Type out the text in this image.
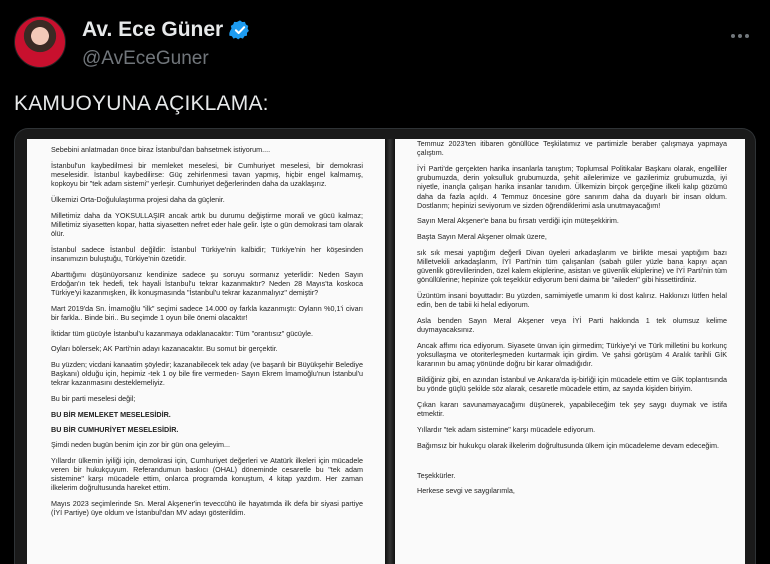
Av. Ece Güner
@AvEceGuner
KAMUOYUNA AÇIKLAMA:
Sebebini anlatmadan önce biraz İstanbul'dan bahsetmek istiyorum....
İstanbul'un kaybedilmesi bir memleket meselesi, bir Cumhuriyet meselesi, bir demokrasi meselesidir. İstanbul kaybedilirse: Güç zehirlenmesi tavan yapmış, hiçbir engel kalmamış, kopkoyu bir "tek adam sistemi" yerleşir. Cumhuriyet değerlerinden daha da uzaklaşırız.
Ülkemizi Orta-Doğululaştırma projesi daha da güçlenir.
Milletimiz daha da YOKSULLAŞIR ancak artık bu durumu değiştirme morali ve gücü kalmaz; Milletimiz siyasetten kopar, hatta siyasetten nefret eder hale gelir. İşte o gün demokrasi tam olarak ölür.
İstanbul sadece İstanbul değildir: İstanbul Türkiye'nin kalbidir; Türkiye'nin her köşesinden insanımızın buluştuğu, Türkiye'nin özetidir.
Abarttığımı düşünüyorsanız kendinize sadece şu soruyu sormanız yeterlidir: Neden Sayın Erdoğan'ın tek hedefi, tek hayali İstanbul'u tekrar kazanmaktır? Neden 28 Mayıs'ta koskoca Türkiye'yi kazanmışken, ilk konuşmasında "İstanbul'u tekrar kazanmalıyız" demiştir?
Mart 2019'da Sn. İmamoğlu "ilk" seçimi sadece 14.000 oy farkla kazanmıştı: Oyların %0,1'i civarı bir farkla.. Binde biri.. Bu seçimde 1 oyun bile önemi olacaktır!
İktidar tüm gücüyle İstanbul'u kazanmaya odaklanacaktır: Tüm "orantısız" gücüyle.
Oyları bölersek; AK Parti'nin adayı kazanacaktır. Bu somut bir gerçektir.
Bu yüzden; vicdani kanaatim şöyledir; kazanabilecek tek aday (ve başarılı bir Büyükşehir Belediye Başkanı) olduğu için, hepimiz -tek 1 oy bile fire vermeden- Sayın Ekrem İmamoğlu'nun İstanbul'u tekrar kazanmasını desteklemeliyiz.
Bu bir parti meselesi değil;
BU BİR MEMLEKET MESELESİDİR.
BU BİR CUMHURİYET MESELESİDİR.
Şimdi neden bugün benim için zor bir gün ona geleyim...
Yıllardır ülkemin iyiliği için, demokrasi için, Cumhuriyet değerleri ve Atatürk ilkeleri için mücadele veren bir hukukçuyum. Referandumun baskıcı (OHAL) döneminde cesaretle bu "tek adam sistemine" karşı mücadele ettim, onlarca programda konuştum, 4 kitap yazdım. Her zaman ilkelerim doğrultusunda hareket ettim.
Mayıs 2023 seçimlerinde Sn. Meral Akşener'in teveccühü ile hayatımda ilk defa bir siyasi partiye (İYİ Partiye) üye oldum ve İstanbul'dan MV adayı gösterildim.
Temmuz 2023'ten itibaren gönüllüce Teşkilatımız ve partimizle beraber çalışmaya yapmaya çalıştım.
İYİ Parti'de gerçekten harika insanlarla tanıştım; Toplumsal Politikalar Başkanı olarak, engelliler grubumuzda, derin yoksulluk grubumuzda, şehit ailelerimize ve gazilerimiz grubumuzda, iyi niyetle, inançla çalışan harika insanlar tanıdım. Ülkemizin birçok gerçeğine ilkeli kalıp gözümü daha da fazla açıldı. 4 Temmuz öncesine göre sanırım daha da duyarlı bir insan oldum. Dostlarım; hepinizi seviyorum ve sizden öğrendiklerimi asla unutmayacağım!
Sayın Meral Akşener'e bana bu fırsatı verdiği için müteşekkirim.
Başta Sayın Meral Akşener olmak üzere,
sık sık mesai yaptığım değerli Divan üyeleri arkadaşlarım ve birlikte mesai yaptığım bazı Milletvekili arkadaşlarım, İYİ Parti'nin tüm çalışanları (sabah güler yüzle bana kapıyı açan güvenlik görevlilerinden, özel kalem ekiplerine, asistan ve güvenlik ekiplerine) ve İYİ Parti'nin tüm gönüllülerine; hepinize çok teşekkür ediyorum beni daima bir "aileden" gibi hissettirdiniz.
Üzüntüm insani boyuttadır: Bu yüzden, samimiyetle umarım ki dost kalırız. Hakkınızı lütfen helal edin, ben de tabii ki helal ediyorum.
Asla benden Sayın Meral Akşener veya İYİ Parti hakkında 1 tek olumsuz kelime duymayacaksınız.
Ancak affımı rica ediyorum. Siyasete ünvan için girmedim; Türkiye'yi ve Türk milletini bu korkunç yoksullaşma ve otoriterleşmeden kurtarmak için girdim. Ve şahsi görüşüm 4 Aralık tarihli GİK kararının bu amaç yönünde doğru bir karar olmadığıdır.
Bildiğiniz gibi, en azından İstanbul ve Ankara'da iş-birliği için mücadele ettim ve GİK toplantısında bu yönde güçlü şekilde söz alarak, cesaretle mücadele ettim, az sayıda kişiden biriyim.
Çıkan kararı savunamayacağımı düşünerek, yapabileceğim tek şey saygı duymak ve istifa etmektir.
Yıllardır "tek adam sistemine" karşı mücadele ediyorum.
Bağımsız bir hukukçu olarak ilkelerim doğrultusunda ülkem için mücadeleme devam edeceğim.
Teşekkürler.
Herkese sevgi ve saygılarımla,
